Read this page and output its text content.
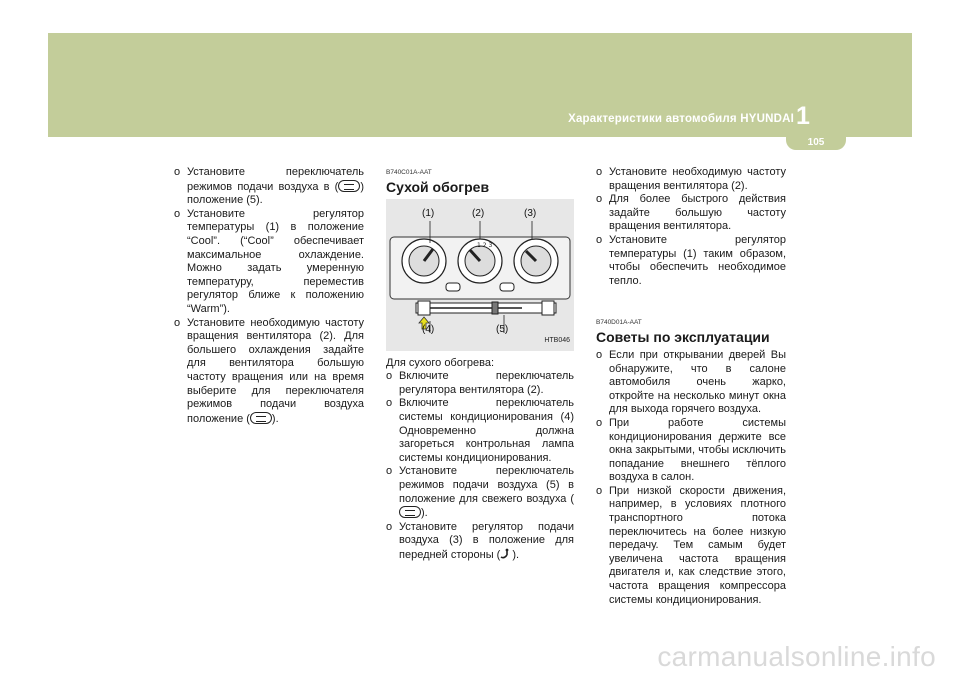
Характеристики автомобиля HYUNDAI 1
105
o Установите переключатель режимов подачи воздуха в ( ) положение (5).
o Установите регулятор температуры (1) в положение “Cool”. (“Cool” обеспечивает максимальное охлаждение. Можно задать умеренную температуру, переместив регулятор ближе к положению “Warm”).
o Установите необходимую частоту вращения вентилятора (2). Для большего охлаждения задайте для вентилятора большую частоту вращения или на время выберите для переключателя режимов подачи воздуха положение ( ).
B740C01A-AAT
Сухой обогрев
1 2 3
(1)	(2)	(3)
(4)	(5)
HTB046
Для сухого обогрева:
o Включите переключатель регулятора вентилятора (2).
o Включите переключатель системы кондиционирования (4) Одновременно должна загореться контрольная лампа системы кондиционирования.
o Установите переключатель режимов подачи воздуха (5) в положение для свежего воздуха ().
o Установите регулятор подачи воздуха (3) в положение для передней стороны ( ).
o Установите необходимую частоту вращения вентилятора (2).
o Для более быстрого действия задайте большую частоту вращения вентилятора.
o Установите регулятор температуры (1) таким образом, чтобы обеспечить необходимое тепло.
B740D01A-AAT
Советы по эксплуатации
o Если при открывании дверей Вы обнаружите, что в салоне автомобиля очень жарко, откройте на несколько минут окна для выхода горячего воздуха.
o При работе системы кондиционирования держите все окна закрытыми, чтобы исключить попадание внешнего тёплого воздуха в салон.
o При низкой скорости движения, например, в условиях плотного транспортного потока переключитесь на более низкую передачу. Тем самым будет увеличена частота вращения двигателя и, как следствие этого, частота вращения компрессора системы кондиционирования.
carmanualsonline.info
